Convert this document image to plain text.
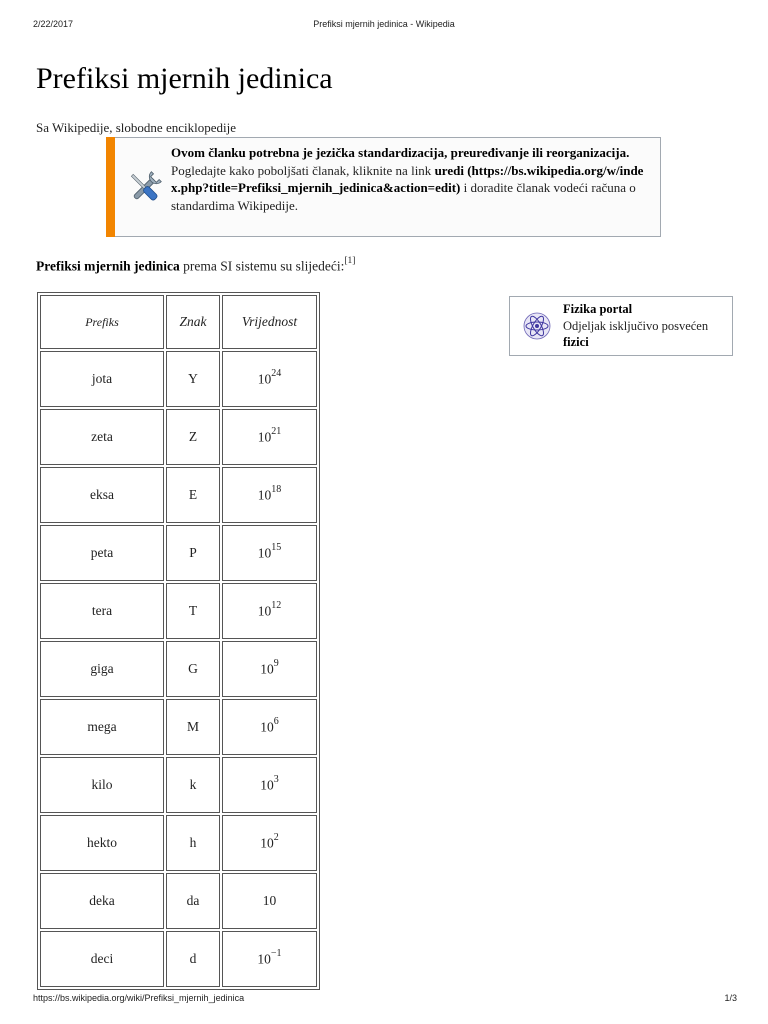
2/22/2017	Prefiksi mjernih jedinica - Wikipedia
Prefiksi mjernih jedinica
Sa Wikipedije, slobodne enciklopedije
Ovom članku potrebna je jezička standardizacija, preuređivanje ili reorganizacija.
Pogledajte kako poboljšati članak, kliknite na link uredi (https://bs.wikipedia.org/w/index.php?title=Prefiksi_mjernih_jedinica&action=edit) i doradite članak vodeći računa o standardima Wikipedije.
Prefiksi mjernih jedinica prema SI sistemu su slijedeći:[1]
Prefiks	Znak	Vrijednost
jota	Y	$10^{24}$
zeta	Z	$10^{21}$
eksa	E	$10^{18}$
peta	P	$10^{15}$
tera	T	$10^{12}$
giga	G	$10^9$
mega	M	$10^6$
kilo	k	$10^3$
hekto	h	$10^2$
deka	da	10
deci	d	$10^{-1}$
Fizika portal
Odjeljak isključivo posvećen
fizici
https://bs.wikipedia.org/wiki/Prefiksi_mjernih_jedinica	1/3
